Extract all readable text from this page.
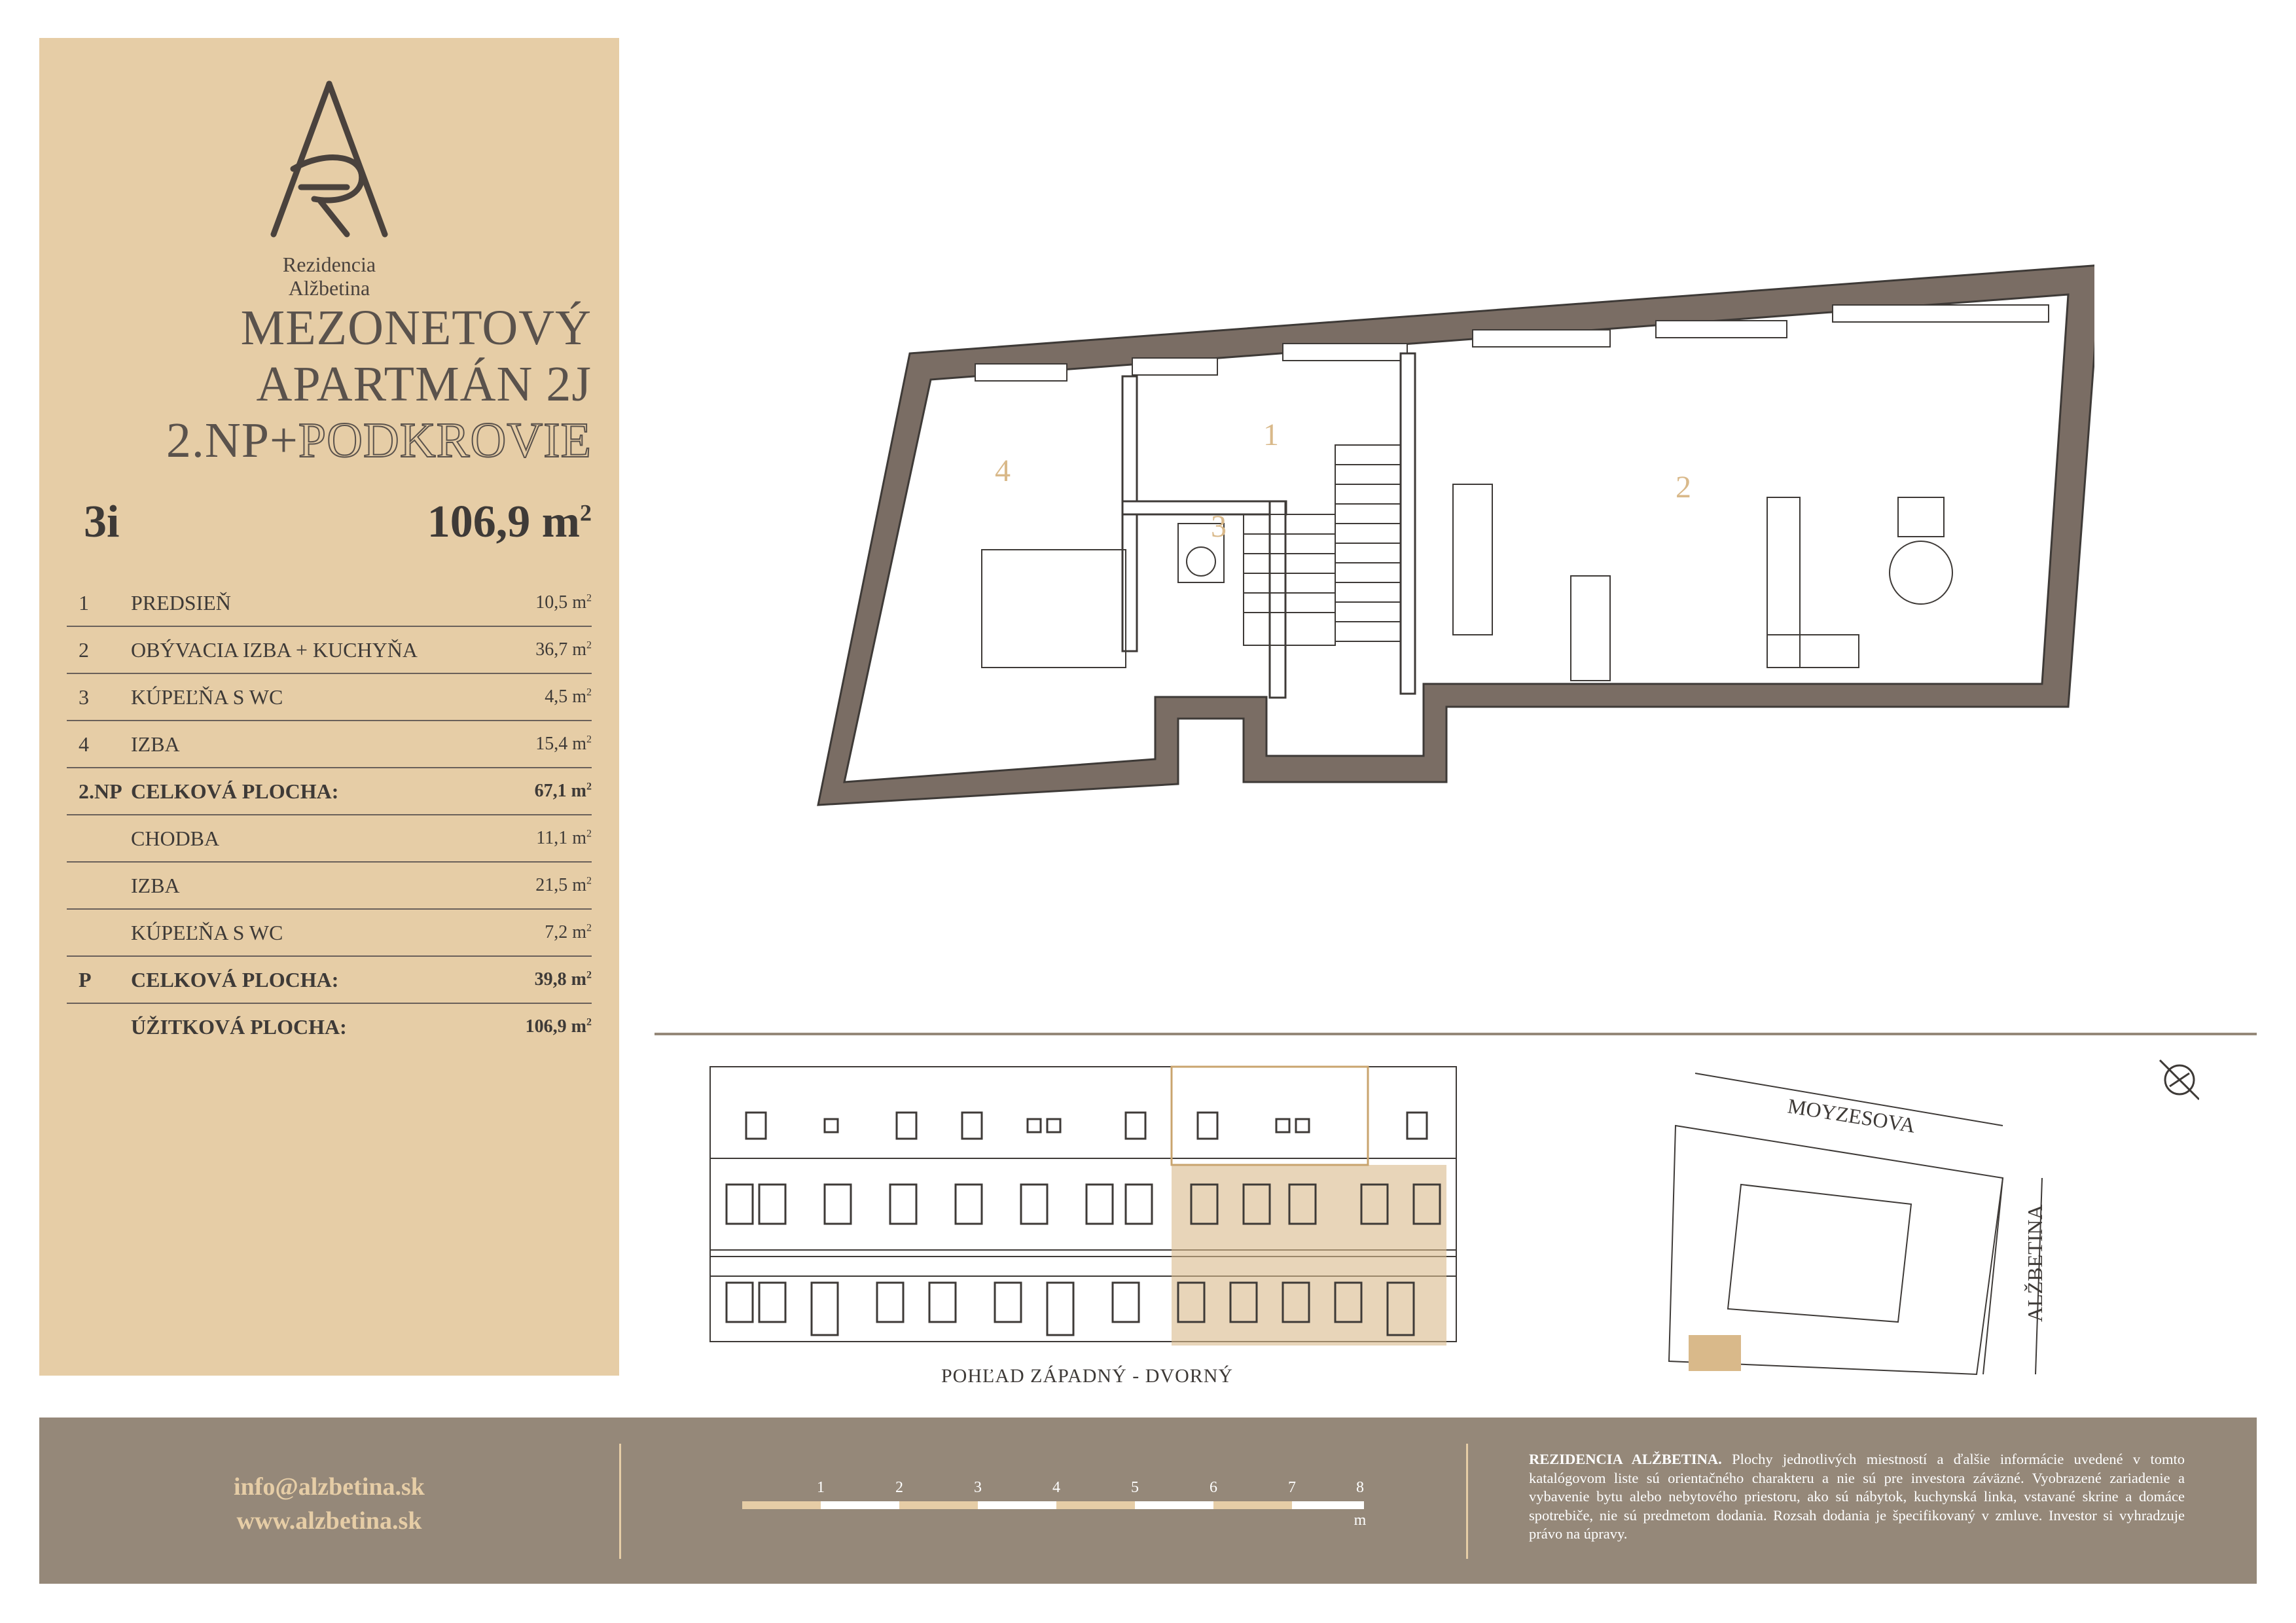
Rezidencia
Alžbetina
MEZONETOVÝ
APARTMÁN 2J
2.NP+PODKROVIE
3i	106,9 $m^2$
1	PREDSIEŇ	10,5 $m^2$
2	OBÝVACIA IZBA + KUCHYŇA	36,7 $m^2$
3	KÚPEĽŇA S WC	4,5 $m^2$
4	IZBA	15,4 $m^2$
2.NP	CELKOVÁ PLOCHA:	67,1 $m^2$
	CHODBA	11,1 $m^2$
	IZBA	21,5 $m^2$
	KÚPEĽŇA S WC	7,2 $m^2$
P	CELKOVÁ PLOCHA:	39,8 $m^2$
	ÚŽITKOVÁ PLOCHA:	106,9 $m^2$
1
2
3
4
POHĽAD ZÁPADNÝ - DVORNÝ
MOYZESOVA
ALŽBETINA
info@alzbetina.sk
www.alzbetina.sk
1	2	3	4	5	6	7	8
m
REZIDENCIA ALŽBETINA. Plochy jednotlivých miestností a ďalšie informácie uvedené v tomto katalógovom liste sú orientačného charakteru a nie sú pre investora záväzné. Vyobrazené zariadenie a vybavenie bytu alebo nebytového priestoru, ako sú nábytok, kuchynská linka, vstavané skrine a domáce spotrebiče, nie sú predmetom dodania. Rozsah dodania je špecifikovaný v zmluve. Investor si vyhradzuje právo na úpravy.
